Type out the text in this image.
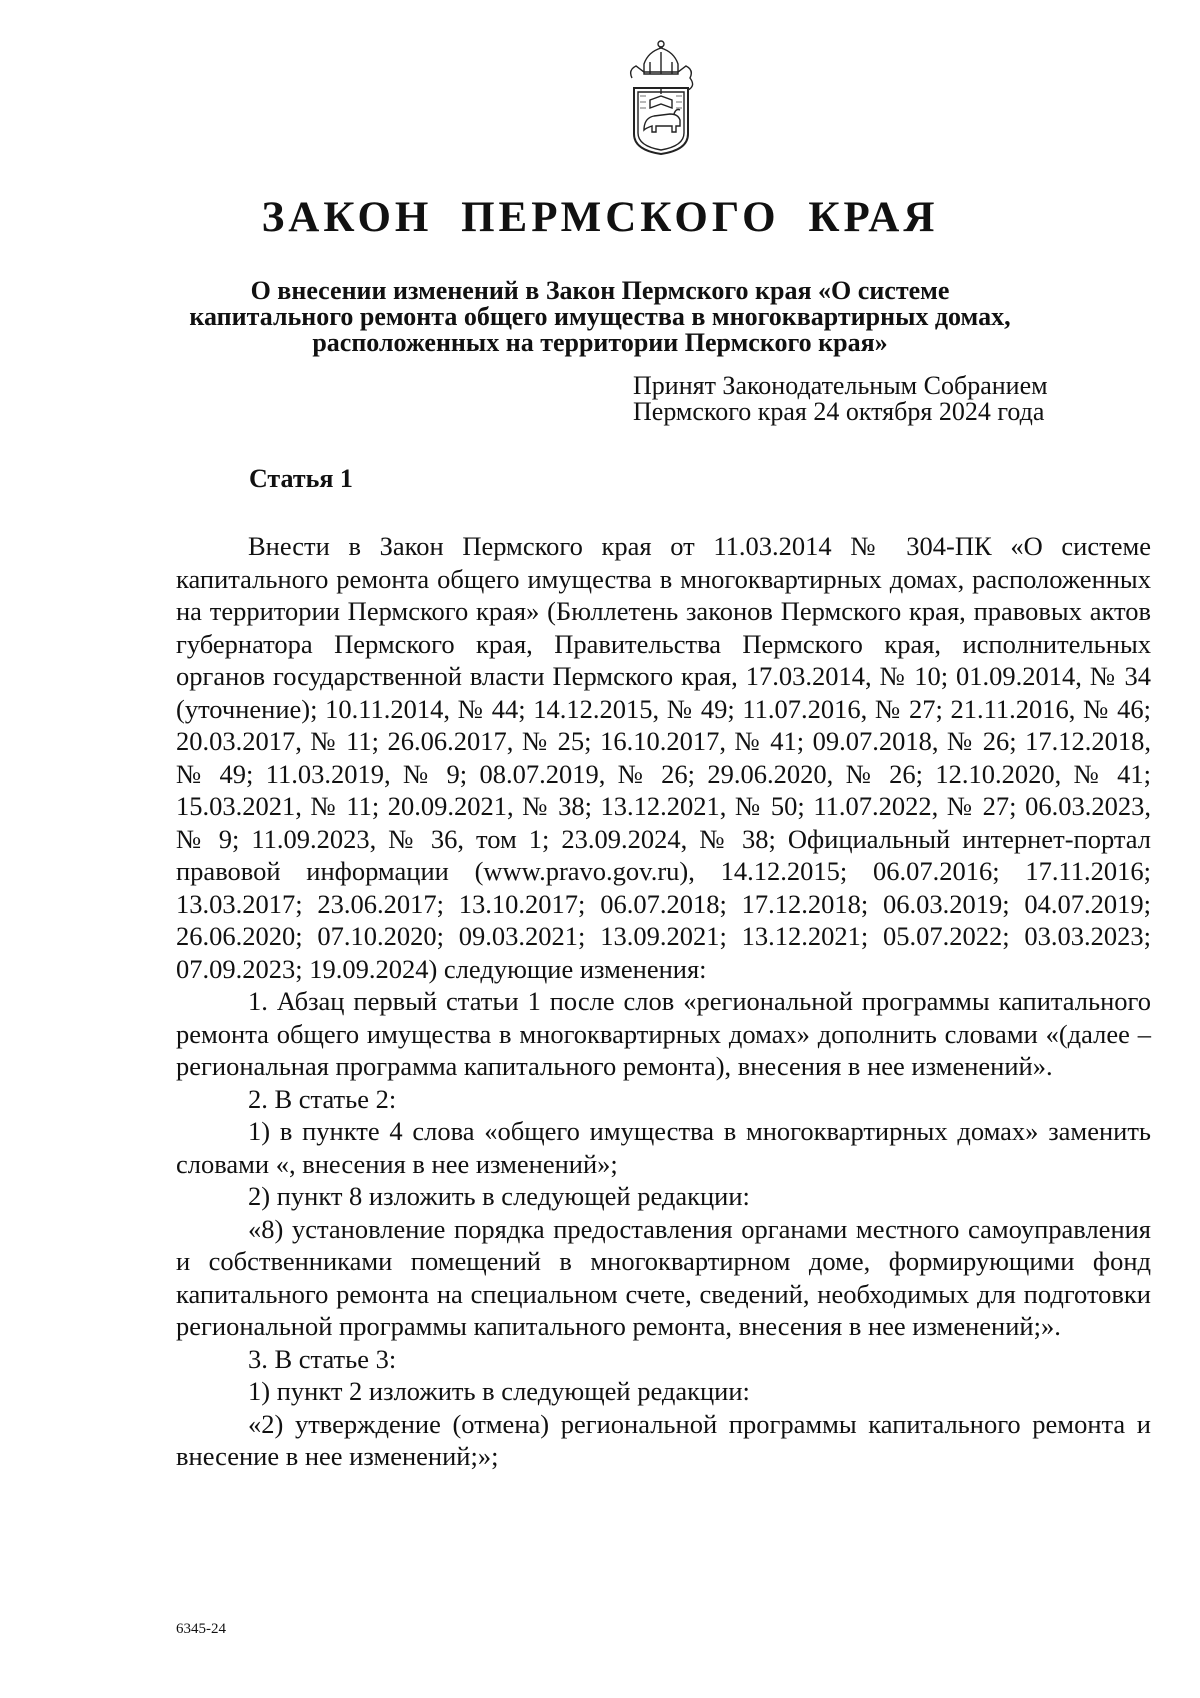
ЗАКОН ПЕРМСКОГО КРАЯ
О внесении изменений в Закон Пермского края «О системе
капитального ремонта общего имущества в многоквартирных домах,
расположенных на территории Пермского края»

Принят Законодательным Собранием
Пермского края 24 октября 2024 года

Статья 1

Внести в Закон Пермского края от 11.03.2014 № 304-ПК «О системе капитального ремонта общего имущества в многоквартирных домах, расположенных на территории Пермского края» (Бюллетень законов Пермского края, правовых актов губернатора Пермского края, Правительства Пермского края, исполнительных органов государственной власти Пермского края, 17.03.2014, № 10; 01.09.2014, № 34 (уточнение); 10.11.2014, № 44; 14.12.2015, № 49; 11.07.2016, № 27; 21.11.2016, № 46; 20.03.2017, № 11; 26.06.2017, № 25; 16.10.2017, № 41; 09.07.2018, № 26; 17.12.2018, № 49; 11.03.2019, № 9; 08.07.2019, № 26; 29.06.2020, № 26; 12.10.2020, № 41; 15.03.2021, № 11; 20.09.2021, № 38; 13.12.2021, № 50; 11.07.2022, № 27; 06.03.2023, № 9; 11.09.2023, № 36, том 1; 23.09.2024, № 38; Официальный интернет-портал правовой информации (www.pravo.gov.ru), 14.12.2015; 06.07.2016; 17.11.2016; 13.03.2017; 23.06.2017; 13.10.2017; 06.07.2018; 17.12.2018; 06.03.2019; 04.07.2019; 26.06.2020; 07.10.2020; 09.03.2021; 13.09.2021; 13.12.2021; 05.07.2022; 03.03.2023; 07.09.2023; 19.09.2024) следующие изменения:

1. Абзац первый статьи 1 после слов «региональной программы капитального ремонта общего имущества в многоквартирных домах» дополнить словами «(далее – региональная программа капитального ремонта), внесения в нее изменений».

2. В статье 2:

1) в пункте 4 слова «общего имущества в многоквартирных домах» заменить словами «, внесения в нее изменений»;

2) пункт 8 изложить в следующей редакции:

«8) установление порядка предоставления органами местного самоуправления и собственниками помещений в многоквартирном доме, формирующими фонд капитального ремонта на специальном счете, сведений, необходимых для подготовки региональной программы капитального ремонта, внесения в нее изменений;».

3. В статье 3:

1) пункт 2 изложить в следующей редакции:

«2) утверждение (отмена) региональной программы капитального ремонта и внесение в нее изменений;»;

6345-24
